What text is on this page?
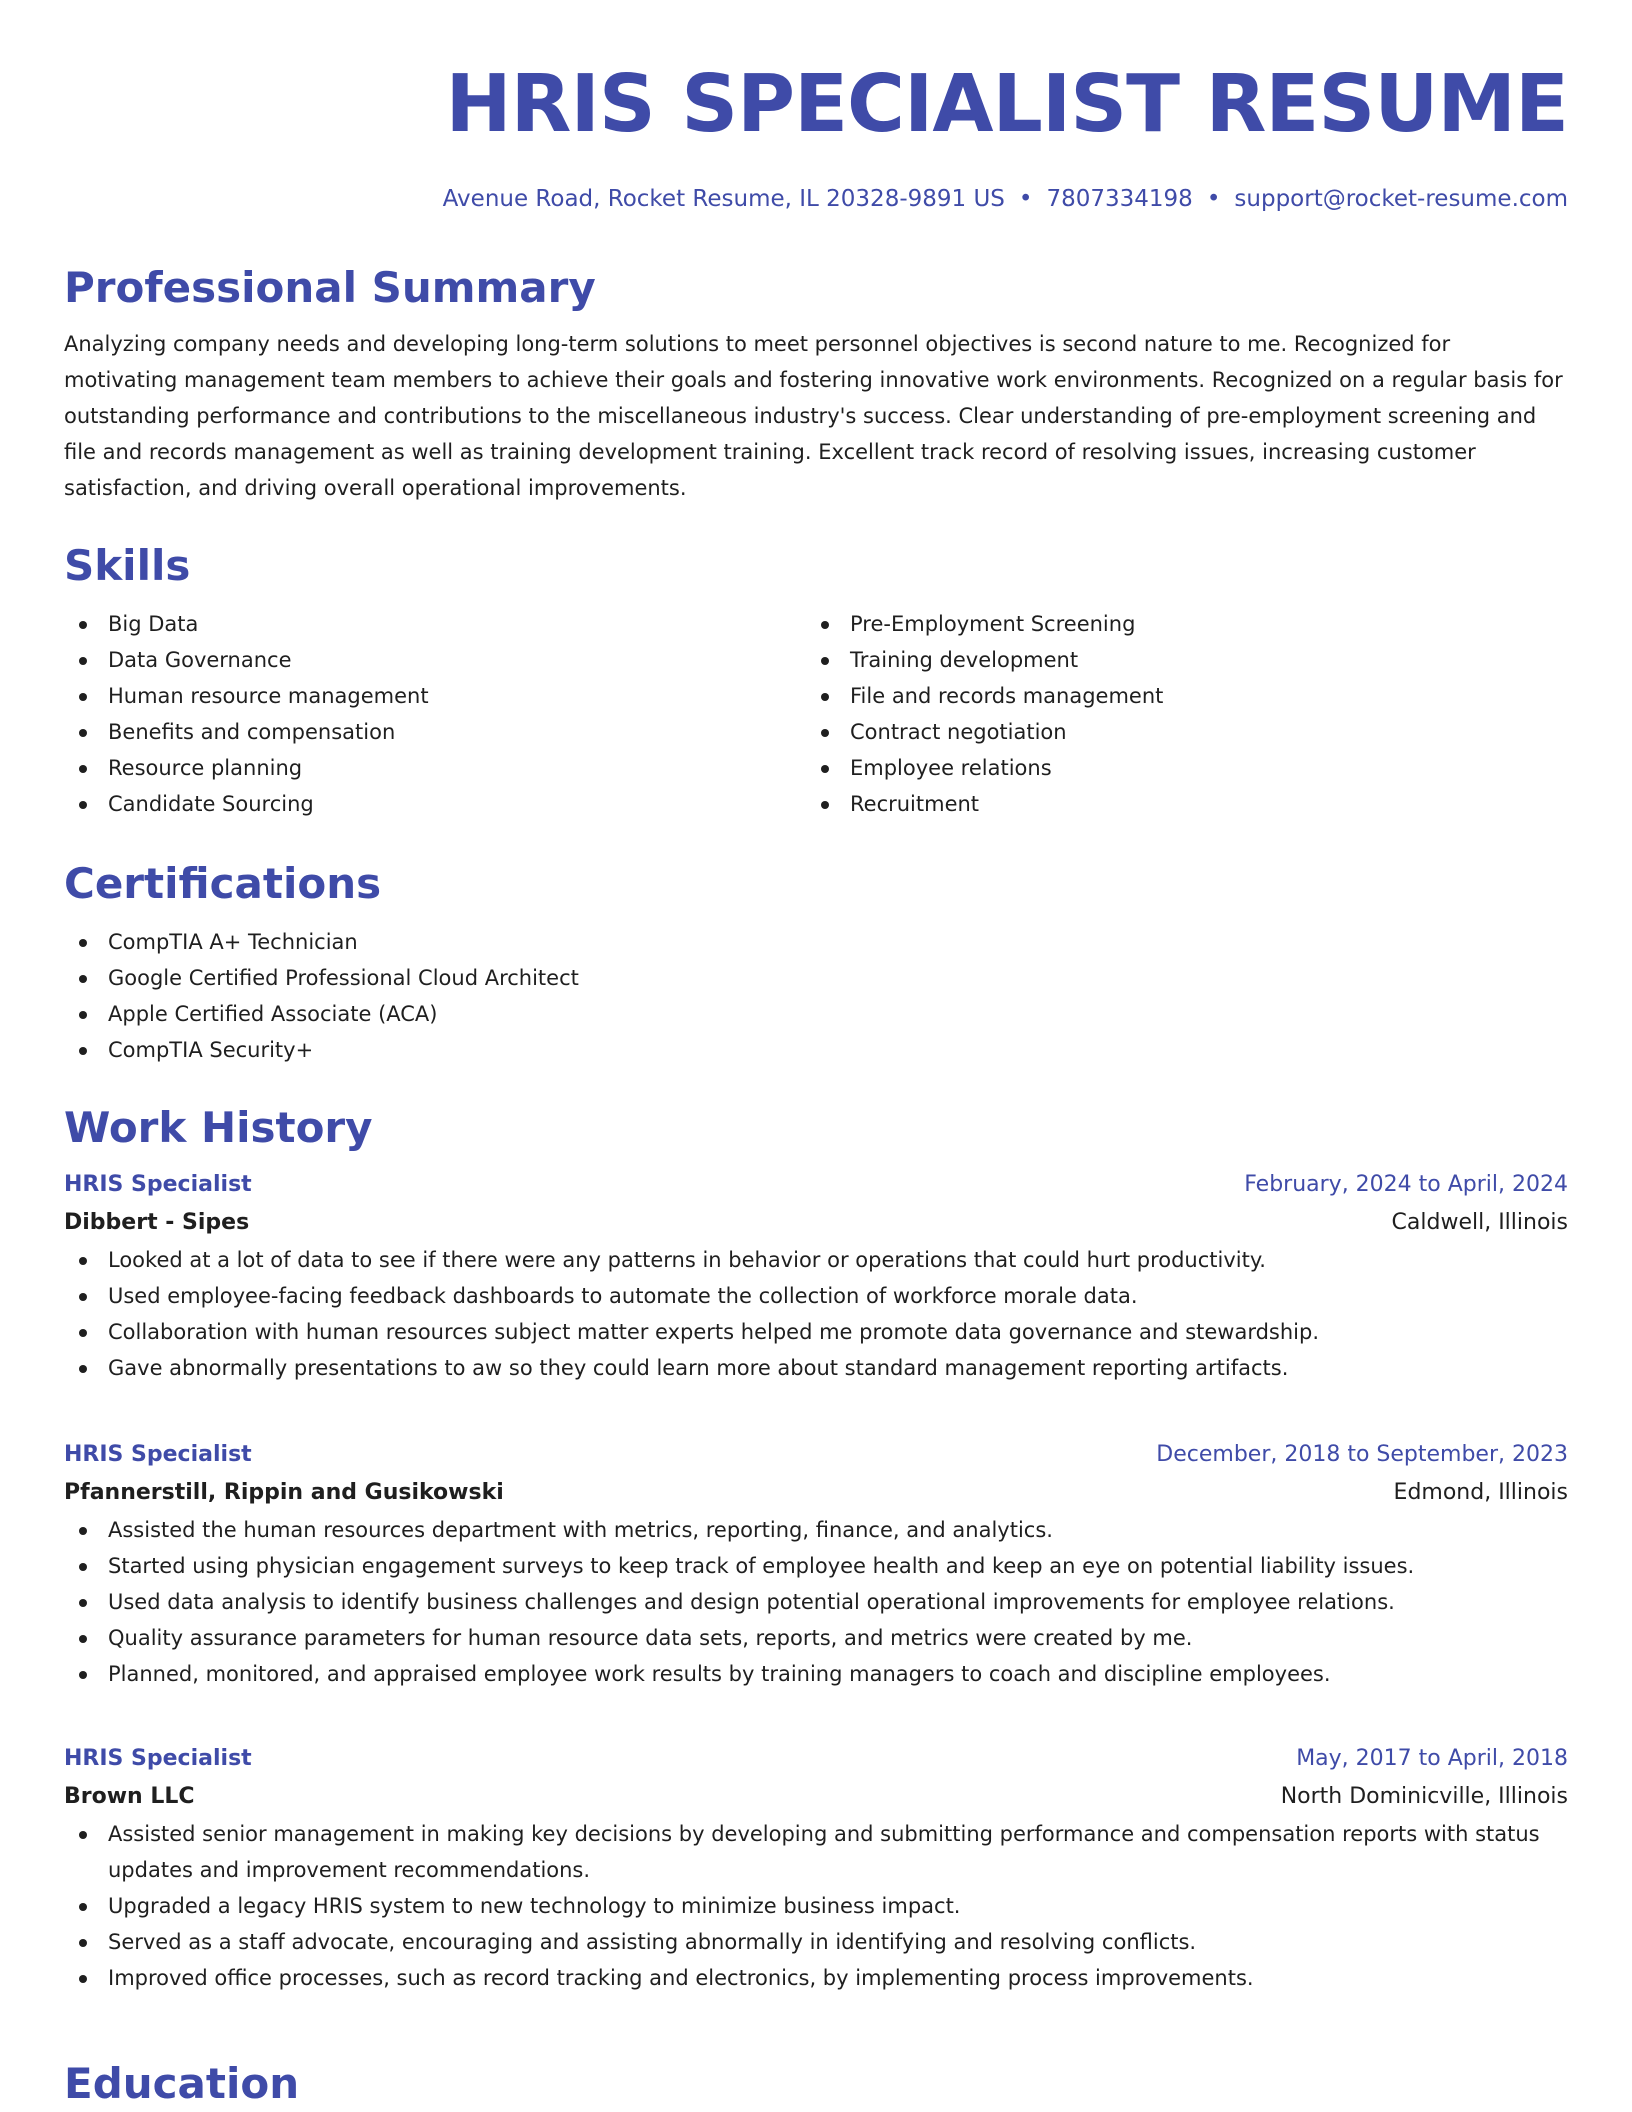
HRIS SPECIALIST RESUME
Avenue Road, Rocket Resume, IL 20328-9891 US • 7807334198 • support@rocket-resume.com
Professional Summary

Analyzing company needs and developing long-term solutions to meet personnel objectives is second nature to me. Recognized for motivating management team members to achieve their goals and fostering innovative work environments. Recognized on a regular basis for outstanding performance and contributions to the miscellaneous industry's success. Clear understanding of pre-employment screening and file and records management as well as training development training. Excellent track record of resolving issues, increasing customer satisfaction, and driving overall operational improvements.

Skills
Big Data
Data Governance
Human resource management
Benefits and compensation
Resource planning
Candidate Sourcing
Pre-Employment Screening
Training development
File and records management
Contract negotiation
Employee relations
Recruitment
Certifications
CompTIA A+ Technician
Google Certified Professional Cloud Architect
Apple Certified Associate (ACA)
CompTIA Security+
Work History
HRIS Specialist	February, 2024 to April, 2024
Dibbert - Sipes	Caldwell, Illinois
Looked at a lot of data to see if there were any patterns in behavior or operations that could hurt productivity.
Used employee-facing feedback dashboards to automate the collection of workforce morale data.
Collaboration with human resources subject matter experts helped me promote data governance and stewardship.
Gave abnormally presentations to aw so they could learn more about standard management reporting artifacts.
HRIS Specialist	December, 2018 to September, 2023
Pfannerstill, Rippin and Gusikowski	Edmond, Illinois
Assisted the human resources department with metrics, reporting, finance, and analytics.
Started using physician engagement surveys to keep track of employee health and keep an eye on potential liability issues.
Used data analysis to identify business challenges and design potential operational improvements for employee relations.
Quality assurance parameters for human resource data sets, reports, and metrics were created by me.
Planned, monitored, and appraised employee work results by training managers to coach and discipline employees.
HRIS Specialist	May, 2017 to April, 2018
Brown LLC	North Dominicville, Illinois
Assisted senior management in making key decisions by developing and submitting performance and compensation reports with status updates and improvement recommendations.
Upgraded a legacy HRIS system to new technology to minimize business impact.
Served as a staff advocate, encouraging and assisting abnormally in identifying and resolving conflicts.
Improved office processes, such as record tracking and electronics, by implementing process improvements.
Education
